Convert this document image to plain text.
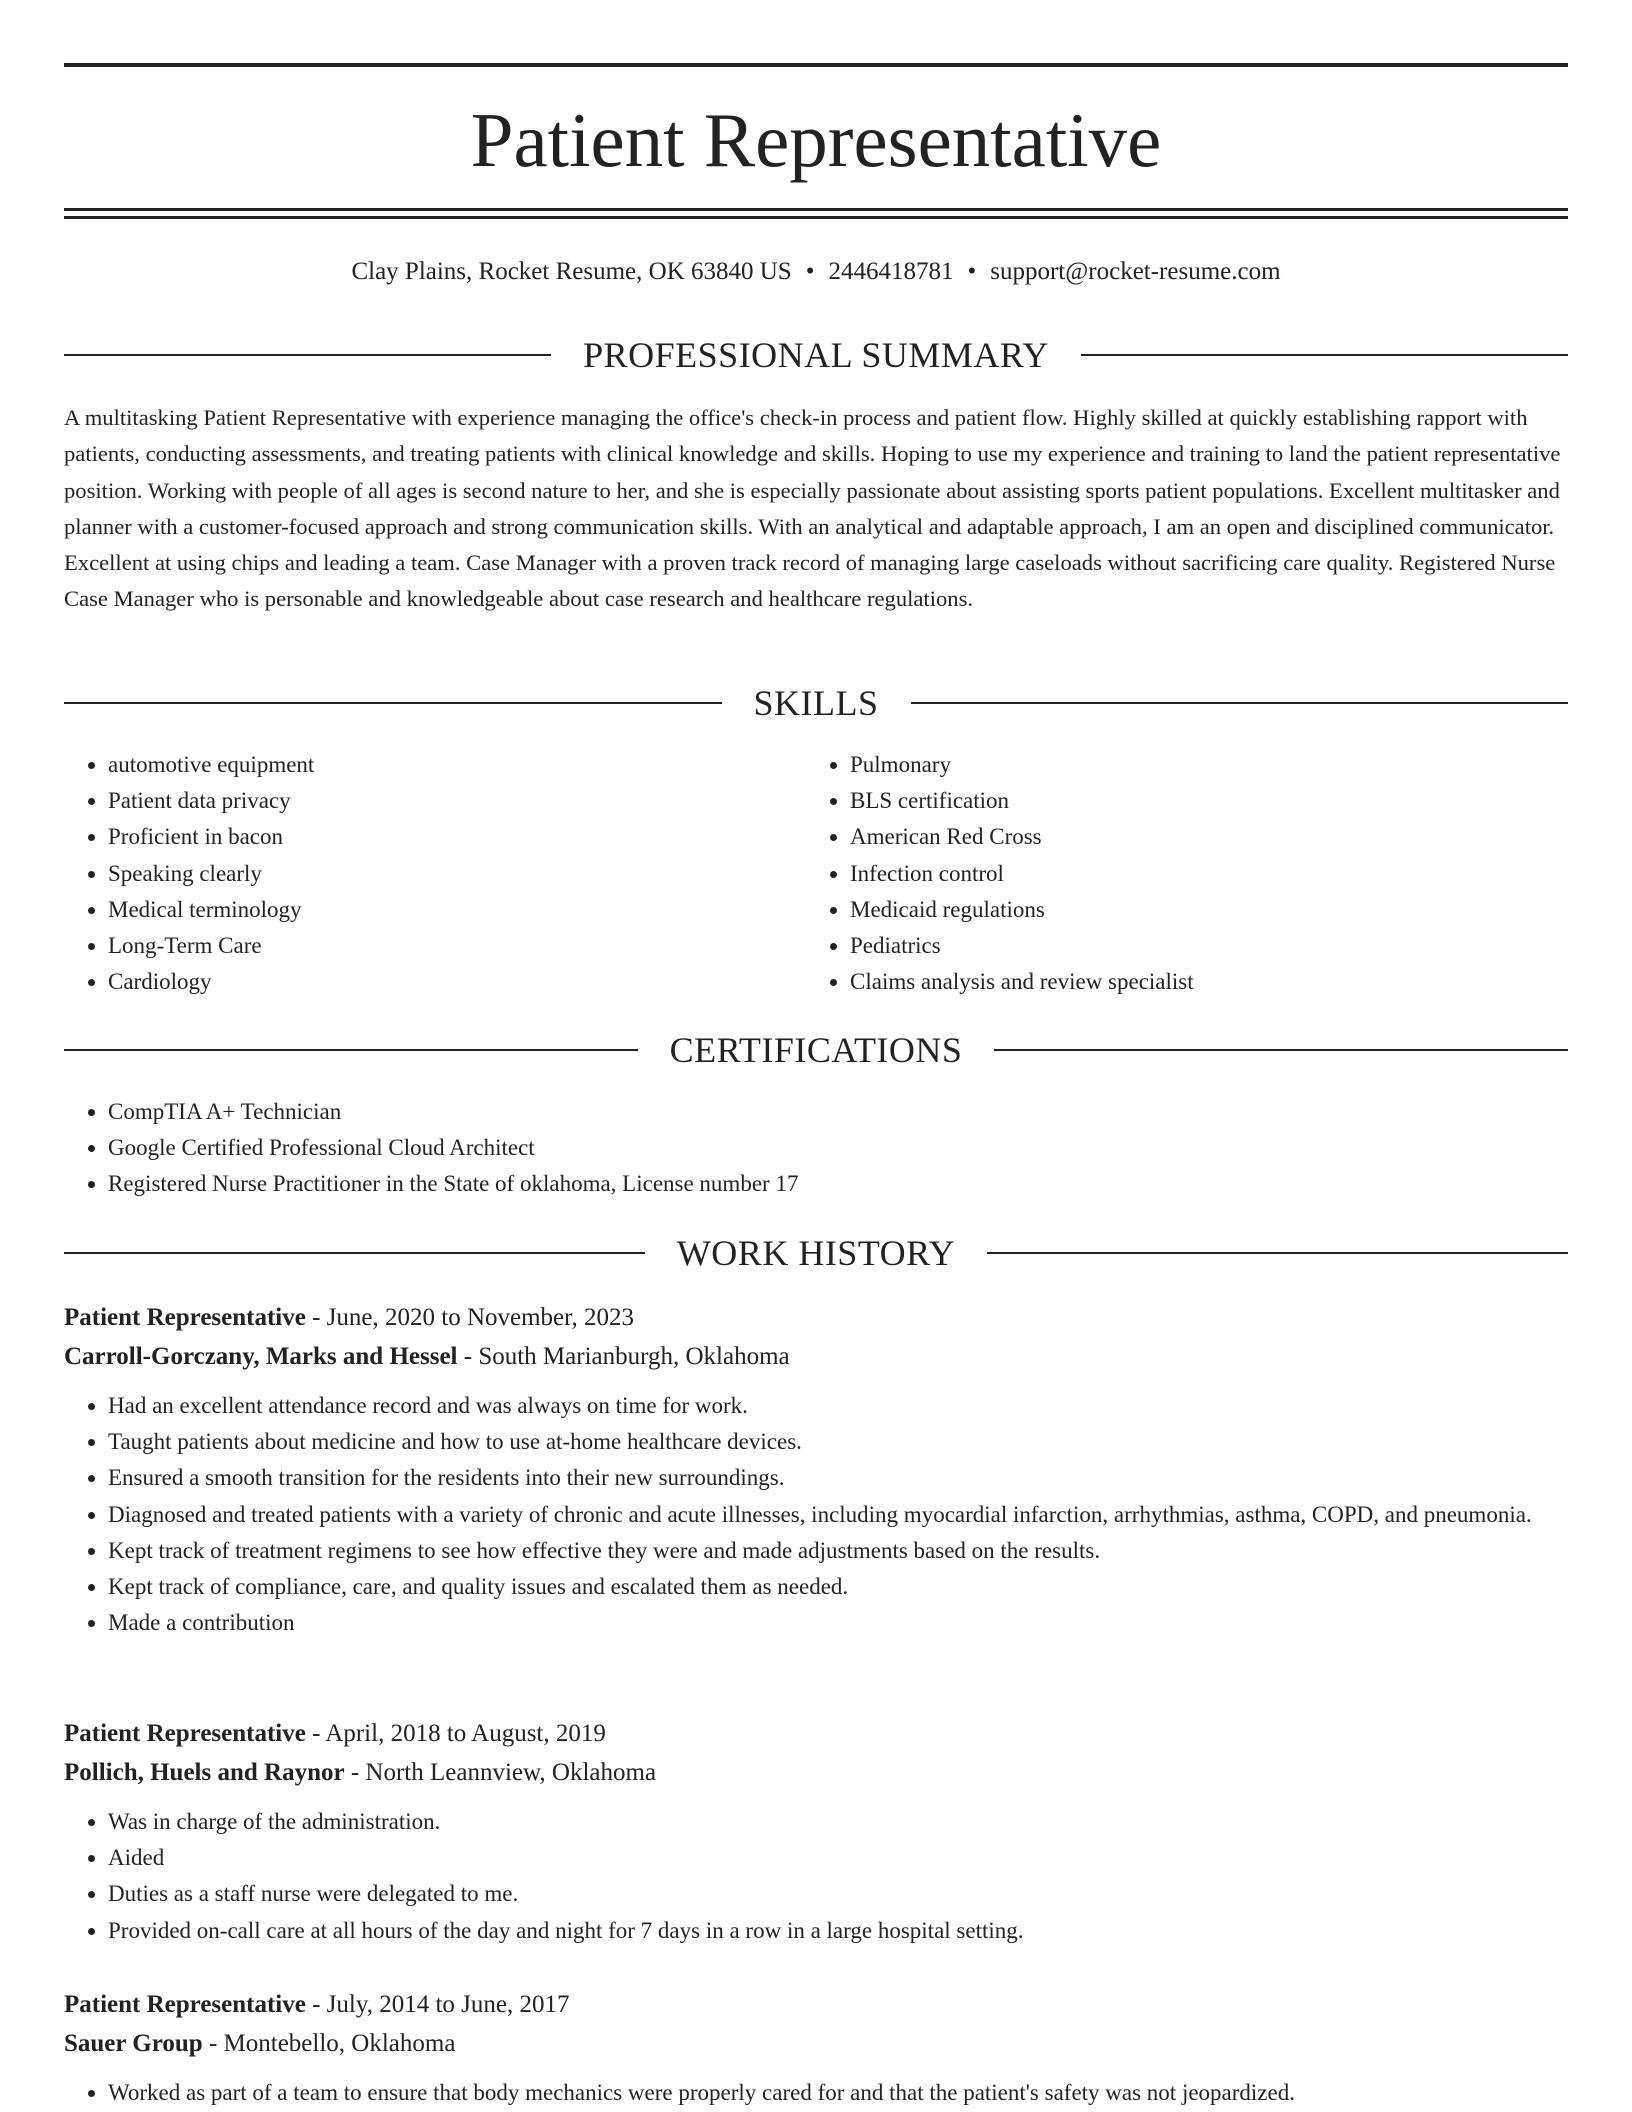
Patient Representative
Clay Plains, Rocket Resume, OK 63840 US • 2446418781 • support@rocket-resume.com
PROFESSIONAL SUMMARY

A multitasking Patient Representative with experience managing the office's check-in process and patient flow. Highly skilled at quickly establishing rapport with patients, conducting assessments, and treating patients with clinical knowledge and skills. Hoping to use my experience and training to land the patient representative position. Working with people of all ages is second nature to her, and she is especially passionate about assisting sports patient populations. Excellent multitasker and planner with a customer-focused approach and strong communication skills. With an analytical and adaptable approach, I am an open and disciplined communicator. Excellent at using chips and leading a team. Case Manager with a proven track record of managing large caseloads without sacrificing care quality. Registered Nurse Case Manager who is personable and knowledgeable about case research and healthcare regulations.

SKILLS
• automotive equipment
• Patient data privacy
• Proficient in bacon
• Speaking clearly
• Medical terminology
• Long-Term Care
• Cardiology
• Pulmonary
• BLS certification
• American Red Cross
• Infection control
• Medicaid regulations
• Pediatrics
• Claims analysis and review specialist
CERTIFICATIONS
• CompTIA A+ Technician
• Google Certified Professional Cloud Architect
• Registered Nurse Practitioner in the State of oklahoma, License number 17
WORK HISTORY
Patient Representative - June, 2020 to November, 2023
Carroll-Gorczany, Marks and Hessel - South Marianburgh, Oklahoma
• Had an excellent attendance record and was always on time for work.
• Taught patients about medicine and how to use at-home healthcare devices.
• Ensured a smooth transition for the residents into their new surroundings.
• Diagnosed and treated patients with a variety of chronic and acute illnesses, including myocardial infarction, arrhythmias, asthma, COPD, and pneumonia.
• Kept track of treatment regimens to see how effective they were and made adjustments based on the results.
• Kept track of compliance, care, and quality issues and escalated them as needed.
• Made a contribution
Patient Representative - April, 2018 to August, 2019
Pollich, Huels and Raynor - North Leannview, Oklahoma
• Was in charge of the administration.
• Aided
• Duties as a staff nurse were delegated to me.
• Provided on-call care at all hours of the day and night for 7 days in a row in a large hospital setting.
Patient Representative - July, 2014 to June, 2017
Sauer Group - Montebello, Oklahoma
• Worked as part of a team to ensure that body mechanics were properly cared for and that the patient's safety was not jeopardized.
